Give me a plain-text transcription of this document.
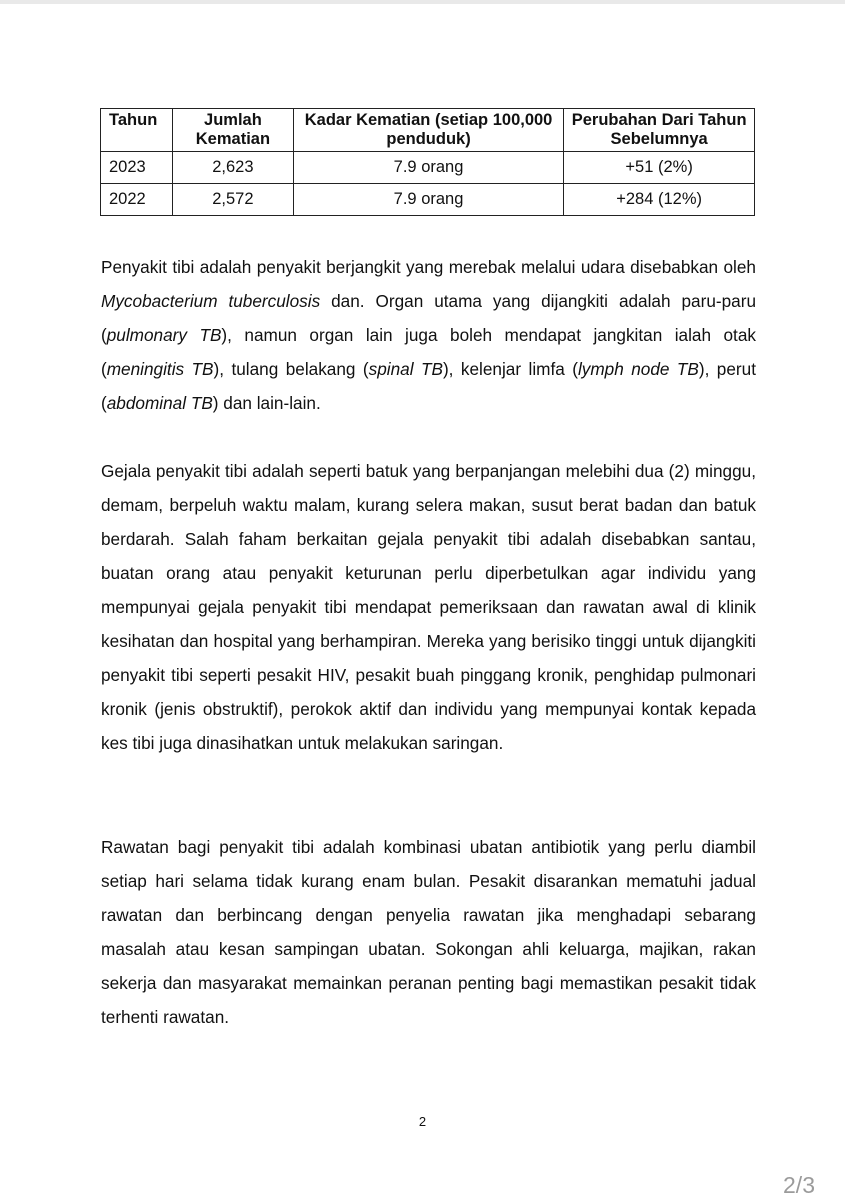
Tahun	Jumlah Kematian	Kadar Kematian (setiap 100,000 penduduk)	Perubahan Dari Tahun Sebelumnya
2023	2,623	7.9 orang	+51 (2%)
2022	2,572	7.9 orang	+284 (12%)

Penyakit tibi adalah penyakit berjangkit yang merebak melalui udara disebabkan oleh Mycobacterium tuberculosis dan. Organ utama yang dijangkiti adalah paru-paru (pulmonary TB), namun organ lain juga boleh mendapat jangkitan ialah otak (meningitis TB), tulang belakang (spinal TB), kelenjar limfa (lymph node TB), perut (abdominal TB) dan lain-lain.

Gejala penyakit tibi adalah seperti batuk yang berpanjangan melebihi dua (2) minggu, demam, berpeluh waktu malam, kurang selera makan, susut berat badan dan batuk berdarah. Salah faham berkaitan gejala penyakit tibi adalah disebabkan santau, buatan orang atau penyakit keturunan perlu diperbetulkan agar individu yang mempunyai gejala penyakit tibi mendapat pemeriksaan dan rawatan awal di klinik kesihatan dan hospital yang berhampiran. Mereka yang berisiko tinggi untuk dijangkiti penyakit tibi seperti pesakit HIV, pesakit buah pinggang kronik, penghidap pulmonari kronik (jenis obstruktif), perokok aktif dan individu yang mempunyai kontak kepada kes tibi juga dinasihatkan untuk melakukan saringan.

Rawatan bagi penyakit tibi adalah kombinasi ubatan antibiotik yang perlu diambil setiap hari selama tidak kurang enam bulan. Pesakit disarankan mematuhi jadual rawatan dan berbincang dengan penyelia rawatan jika menghadapi sebarang masalah atau kesan sampingan ubatan. Sokongan ahli keluarga, majikan, rakan sekerja dan masyarakat memainkan peranan penting bagi memastikan pesakit tidak terhenti rawatan.

2
2/3
